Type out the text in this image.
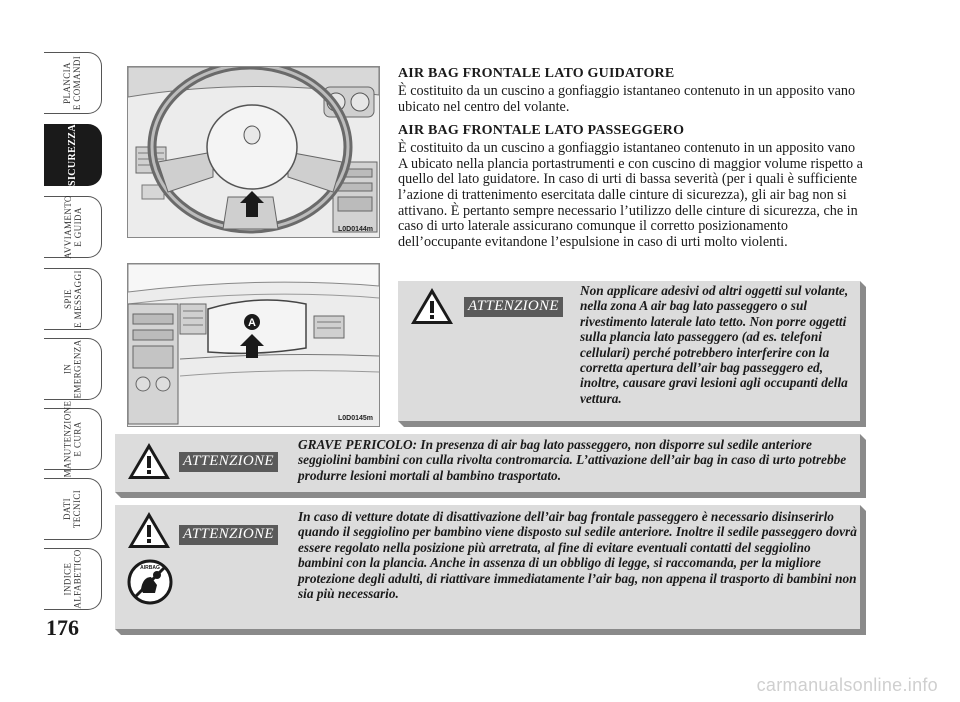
PLANCIA
E COMANDI
SICUREZZA
AVVIAMENTO
E GUIDA
SPIE
E MESSAGGI
IN
EMERGENZA
MANUTENZIONE
E CURA
DATI
TECNICI
INDICE
ALFABETICO
176
L0D0144m
A
L0D0145m
AIR BAG FRONTALE LATO GUIDATORE

È costituito da un cuscino a gonfiaggio istantaneo contenuto in un apposito vano ubicato nel centro del volante.

AIR BAG FRONTALE LATO PASSEGGERO

È costituito da un cuscino a gonfiaggio istantaneo contenuto in un apposito vano A ubicato nella plancia portastrumenti e con cuscino di maggior volume rispetto a quello del lato guidatore. In caso di urti di bassa severità (per i quali è sufficiente l’azione di trattenimento esercitata dalle cinture di sicurezza), gli air bag non si attivano. È pertanto sempre necessario l’utilizzo delle cinture di sicurezza, che in caso di urto laterale assicurano comunque il corretto posizionamento dell’occupante evitandone l’espulsione in caso di urti molto violenti.

ATTENZIONE
Non applicare adesivi od altri oggetti sul volante, nella zona A air bag lato passeggero o sul rivestimento laterale lato tetto. Non porre oggetti sulla plancia lato passeggero (ad es. telefoni cellulari) perché potrebbero interferire con la corretta apertura dell’air bag passeggero ed, inoltre, causare gravi lesioni agli occupanti della vettura.
ATTENZIONE
GRAVE PERICOLO: In presenza di air bag lato passeggero, non disporre sul sedile anteriore seggiolini bambini con culla rivolta contromarcia. L’attivazione dell’air bag in caso di urto potrebbe produrre lesioni mortali al bambino trasportato.
ATTENZIONE
AIRBAG
In caso di vetture dotate di disattivazione dell’air bag frontale passeggero è necessario disinserirlo quando il seggiolino per bambino viene disposto sul sedile anteriore. Inoltre il sedile passeggero dovrà essere regolato nella posizione più arretrata, al fine di evitare eventuali contatti del seggiolino bambini con la plancia. Anche in assenza di un obbligo di legge, si raccomanda, per la migliore protezione degli adulti, di riattivare immediatamente l’air bag, non appena il trasporto di bambini non sia più necessario.
carmanualsonline.info
